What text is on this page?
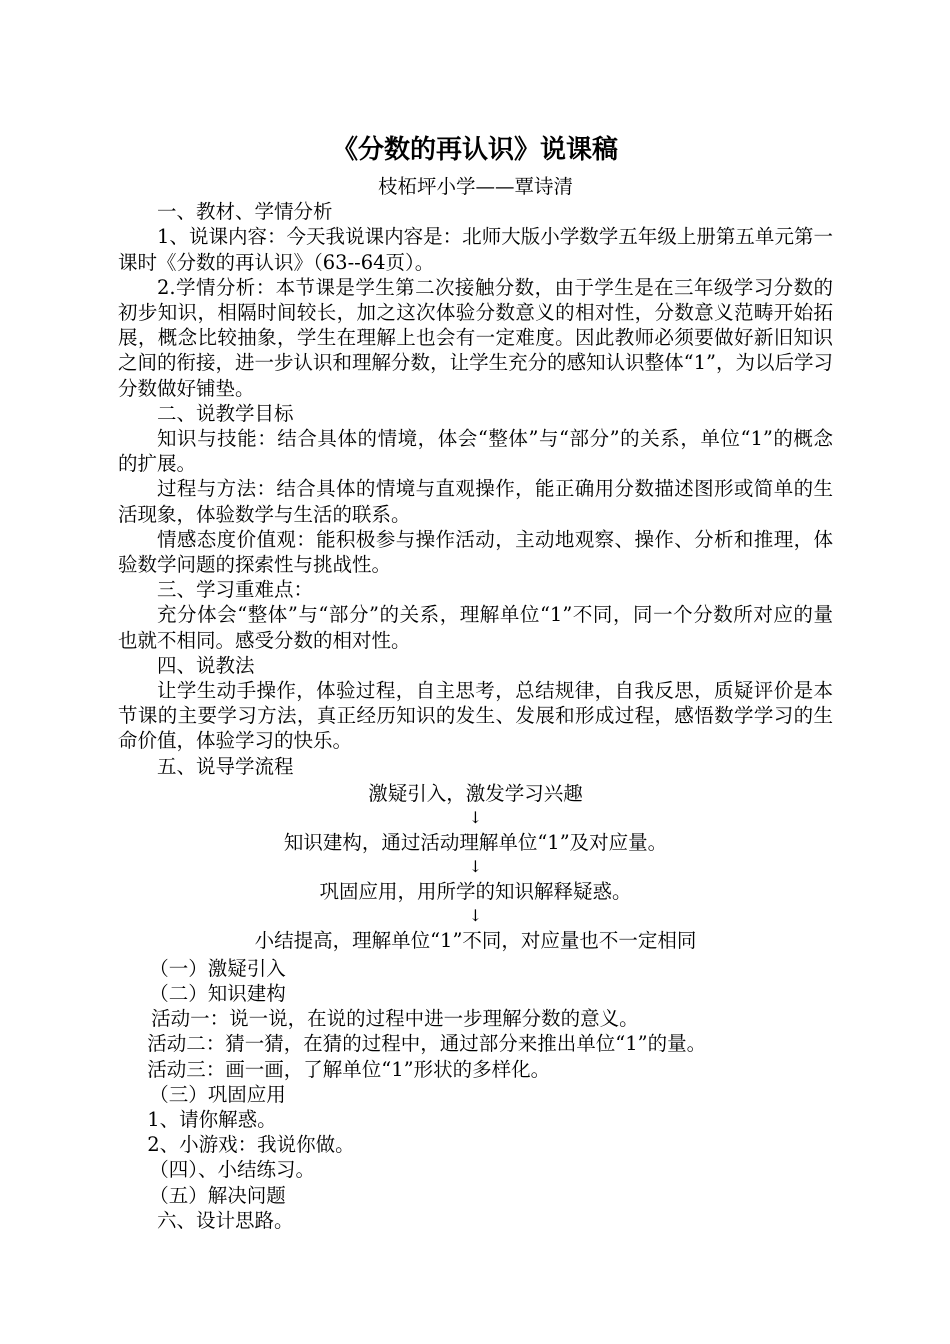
《分数的再认识》说课稿

枝柘坪小学——覃诗清

一、教材、学情分析

1、说课内容：今天我说课内容是：北师大版小学数学五年级上册第五单元第一课时《分数的再认识》（63--64页）。

2.学情分析：本节课是学生第二次接触分数，由于学生是在三年级学习分数的初步知识，相隔时间较长，加之这次体验分数意义的相对性，分数意义范畴开始拓展，概念比较抽象，学生在理解上也会有一定难度。因此教师必须要做好新旧知识之间的衔接，进一步认识和理解分数，让学生充分的感知认识整体“1”，为以后学习分数做好铺垫。

二、说教学目标

知识与技能：结合具体的情境，体会“整体”与“部分”的关系，单位“1”的概念的扩展。

过程与方法：结合具体的情境与直观操作，能正确用分数描述图形或简单的生活现象，体验数学与生活的联系。

情感态度价值观：能积极参与操作活动，主动地观察、操作、分析和推理，体验数学问题的探索性与挑战性。

三、学习重难点：

充分体会“整体”与“部分”的关系，理解单位“1”不同，同一个分数所对应的量也就不相同。感受分数的相对性。

四、说教法

让学生动手操作，体验过程，自主思考，总结规律，自我反思，质疑评价是本节课的主要学习方法，真正经历知识的发生、发展和形成过程，感悟数学学习的生命价值，体验学习的快乐。

五、说导学流程

激疑引入，激发学习兴趣

↓

知识建构，通过活动理解单位“1”及对应量。

↓

巩固应用，用所学的知识解释疑惑。

↓

小结提高，理解单位“1”不同，对应量也不一定相同

（一）激疑引入

（二）知识建构

活动一：说一说，在说的过程中进一步理解分数的意义。

活动二：猜一猜，在猜的过程中，通过部分来推出单位“1”的量。

活动三：画一画，了解单位“1”形状的多样化。

（三）巩固应用

1、请你解惑。

2、小游戏：我说你做。

（四）、小结练习。

（五）解决问题

六、设计思路。
